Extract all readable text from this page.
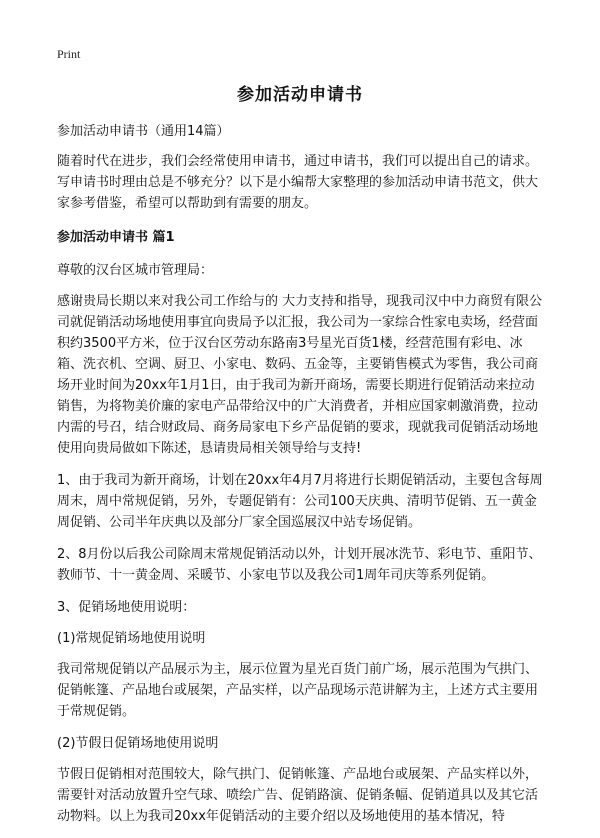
Print
参加活动申请书

参加活动申请书（通用14篇）

随着时代在进步，我们会经常使用申请书，通过申请书，我们可以提出自己的请求。写申请书时理由总是不够充分？以下是小编帮大家整理的参加活动申请书范文，供大家参考借鉴，希望可以帮助到有需要的朋友。

参加活动申请书 篇1

尊敬的汉台区城市管理局：

感谢贵局长期以来对我公司工作给与的 大力支持和指导，现我司汉中中力商贸有限公司就促销活动场地使用事宜向贵局予以汇报，我公司为一家综合性家电卖场，经营面积约3500平方米，位于汉台区劳动东路南3号星光百货1楼，经营范围有彩电、冰箱、洗衣机、空调、厨卫、小家电、数码、五金等，主要销售模式为零售，我公司商场开业时间为20xx年1月1日，由于我司为新开商场，需要长期进行促销活动来拉动销售，为将物美价廉的家电产品带给汉中的广大消费者，并相应国家刺激消费，拉动内需的号召，结合财政局、商务局家电下乡产品促销的要求，现就我司促销活动场地使用向贵局做如下陈述，恳请贵局相关领导给与支持!

1、由于我司为新开商场，计划在20xx年4月7月将进行长期促销活动，主要包含每周周末，周中常规促销，另外，专题促销有：公司100天庆典、清明节促销、五一黄金周促销、公司半年庆典以及部分厂家全国巡展汉中站专场促销。

2、8月份以后我公司除周末常规促销活动以外，计划开展冰洗节、彩电节、重阳节、教师节、十一黄金周、采暖节、小家电节以及我公司1周年司庆等系列促销。

3、促销场地使用说明：

(1)常规促销场地使用说明

我司常规促销以产品展示为主，展示位置为星光百货门前广场，展示范围为气拱门、促销帐篷、产品地台或展架，产品实样，以产品现场示范讲解为主，上述方式主要用于常规促销。

(2)节假日促销场地使用说明

节假日促销相对范围较大，除气拱门、促销帐篷、产品地台或展架、产品实样以外，需要针对活动放置升空气球、喷绘广告、促销路演、促销条幅、促销道具以及其它活动物料。以上为我司20xx年促销活动的主要介绍以及场地使用的基本情况，特
